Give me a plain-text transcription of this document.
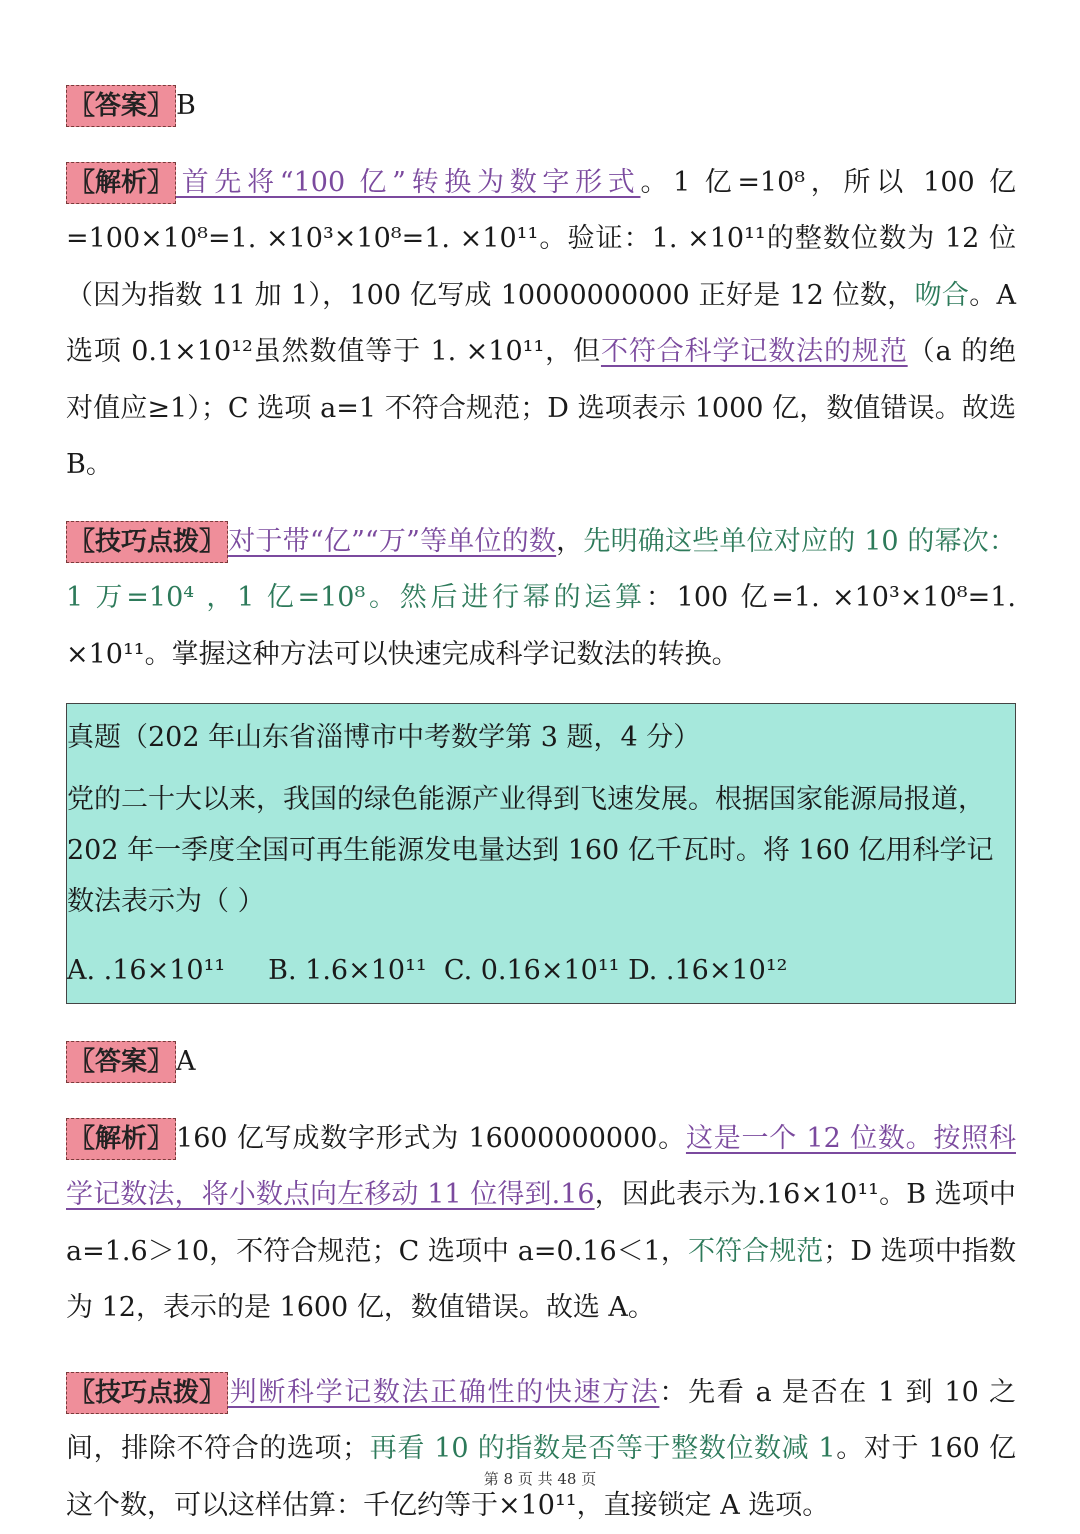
〖答案〗 B

〖解析〗 首先将“100 亿”转换为数字形式。1 亿=10⁸，所以 100 亿=100×10⁸=1. ×10³×10⁸=1. ×10¹¹。验证：1. ×10¹¹的整数位数为 12 位（因为指数 11 加 1），100 亿写成 10000000000 正好是 12 位数，吻合。A 选项 0.1×10¹²虽然数值等于 1. ×10¹¹，但不符合科学记数法的规范（a 的绝对值应≥1）；C 选项 a=1 不符合规范；D 选项表示 1000 亿，数值错误。故选 B。

〖技巧点拨〗 对于带“亿”“万”等单位的数，先明确这些单位对应的 10 的幂次：1 万=10⁴ ，1 亿=10⁸。然后进行幂的运算：100 亿=1. ×10³×10⁸=1. ×10¹¹。掌握这种方法可以快速完成科学记数法的转换。

真题（202 年山东省淄博市中考数学第 3 题，4 分）

党的二十大以来，我国的绿色能源产业得到飞速发展。根据国家能源局报道，202 年一季度全国可再生能源发电量达到 160 亿千瓦时。将 160 亿用科学记数法表示为（ ）

A. .16×10¹¹     B. 1.6×10¹¹  C. 0.16×10¹¹ D. .16×10¹²

〖答案〗 A

〖解析〗 160 亿写成数字形式为 16000000000。这是一个 12 位数。按照科学记数法，将小数点向左移动 11 位得到.16，因此表示为.16×10¹¹。B 选项中 a=1.6＞10，不符合规范；C 选项中 a=0.16＜1，不符合规范；D 选项中指数为 12，表示的是 1600 亿，数值错误。故选 A。

〖技巧点拨〗 判断科学记数法正确性的快速方法：先看 a 是否在 1 到 10 之间，排除不符合的选项；再看 10 的指数是否等于整数位数减 1。对于 160 亿这个数，可以这样估算：千亿约等于×10¹¹，直接锁定 A 选项。

第 8 页 共 48 页
